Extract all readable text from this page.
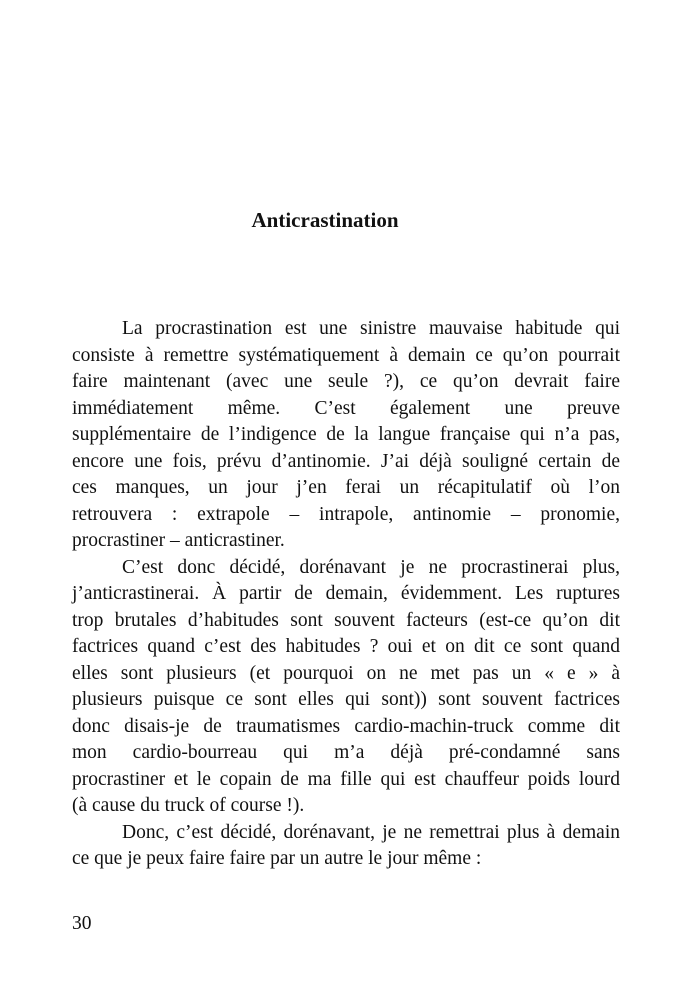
Anticrastination
La procrastination est une sinistre mauvaise habitude qui
consiste à remettre systématiquement à demain ce qu’on pourrait
faire maintenant (avec une seule ?), ce qu’on devrait faire
immédiatement même. C’est également une preuve
supplémentaire de l’indigence de la langue française qui n’a pas,
encore une fois, prévu d’antinomie. J’ai déjà souligné certain de
ces manques, un jour j’en ferai un récapitulatif où l’on
retrouvera : extrapole – intrapole, antinomie – pronomie,
procrastiner – anticrastiner.
C’est donc décidé, dorénavant je ne procrastinerai plus,
j’anticrastinerai. À partir de demain, évidemment. Les ruptures
trop brutales d’habitudes sont souvent facteurs (est-ce qu’on dit
factrices quand c’est des habitudes ? oui et on dit ce sont quand
elles sont plusieurs (et pourquoi on ne met pas un « e » à
plusieurs puisque ce sont elles qui sont)) sont souvent factrices
donc disais-je de traumatismes cardio-machin-truck comme dit
mon cardio-bourreau qui m’a déjà pré-condamné sans
procrastiner et le copain de ma fille qui est chauffeur poids lourd
(à cause du truck of course !).
Donc, c’est décidé, dorénavant, je ne remettrai plus à demain
ce que je peux faire faire par un autre le jour même :
30
